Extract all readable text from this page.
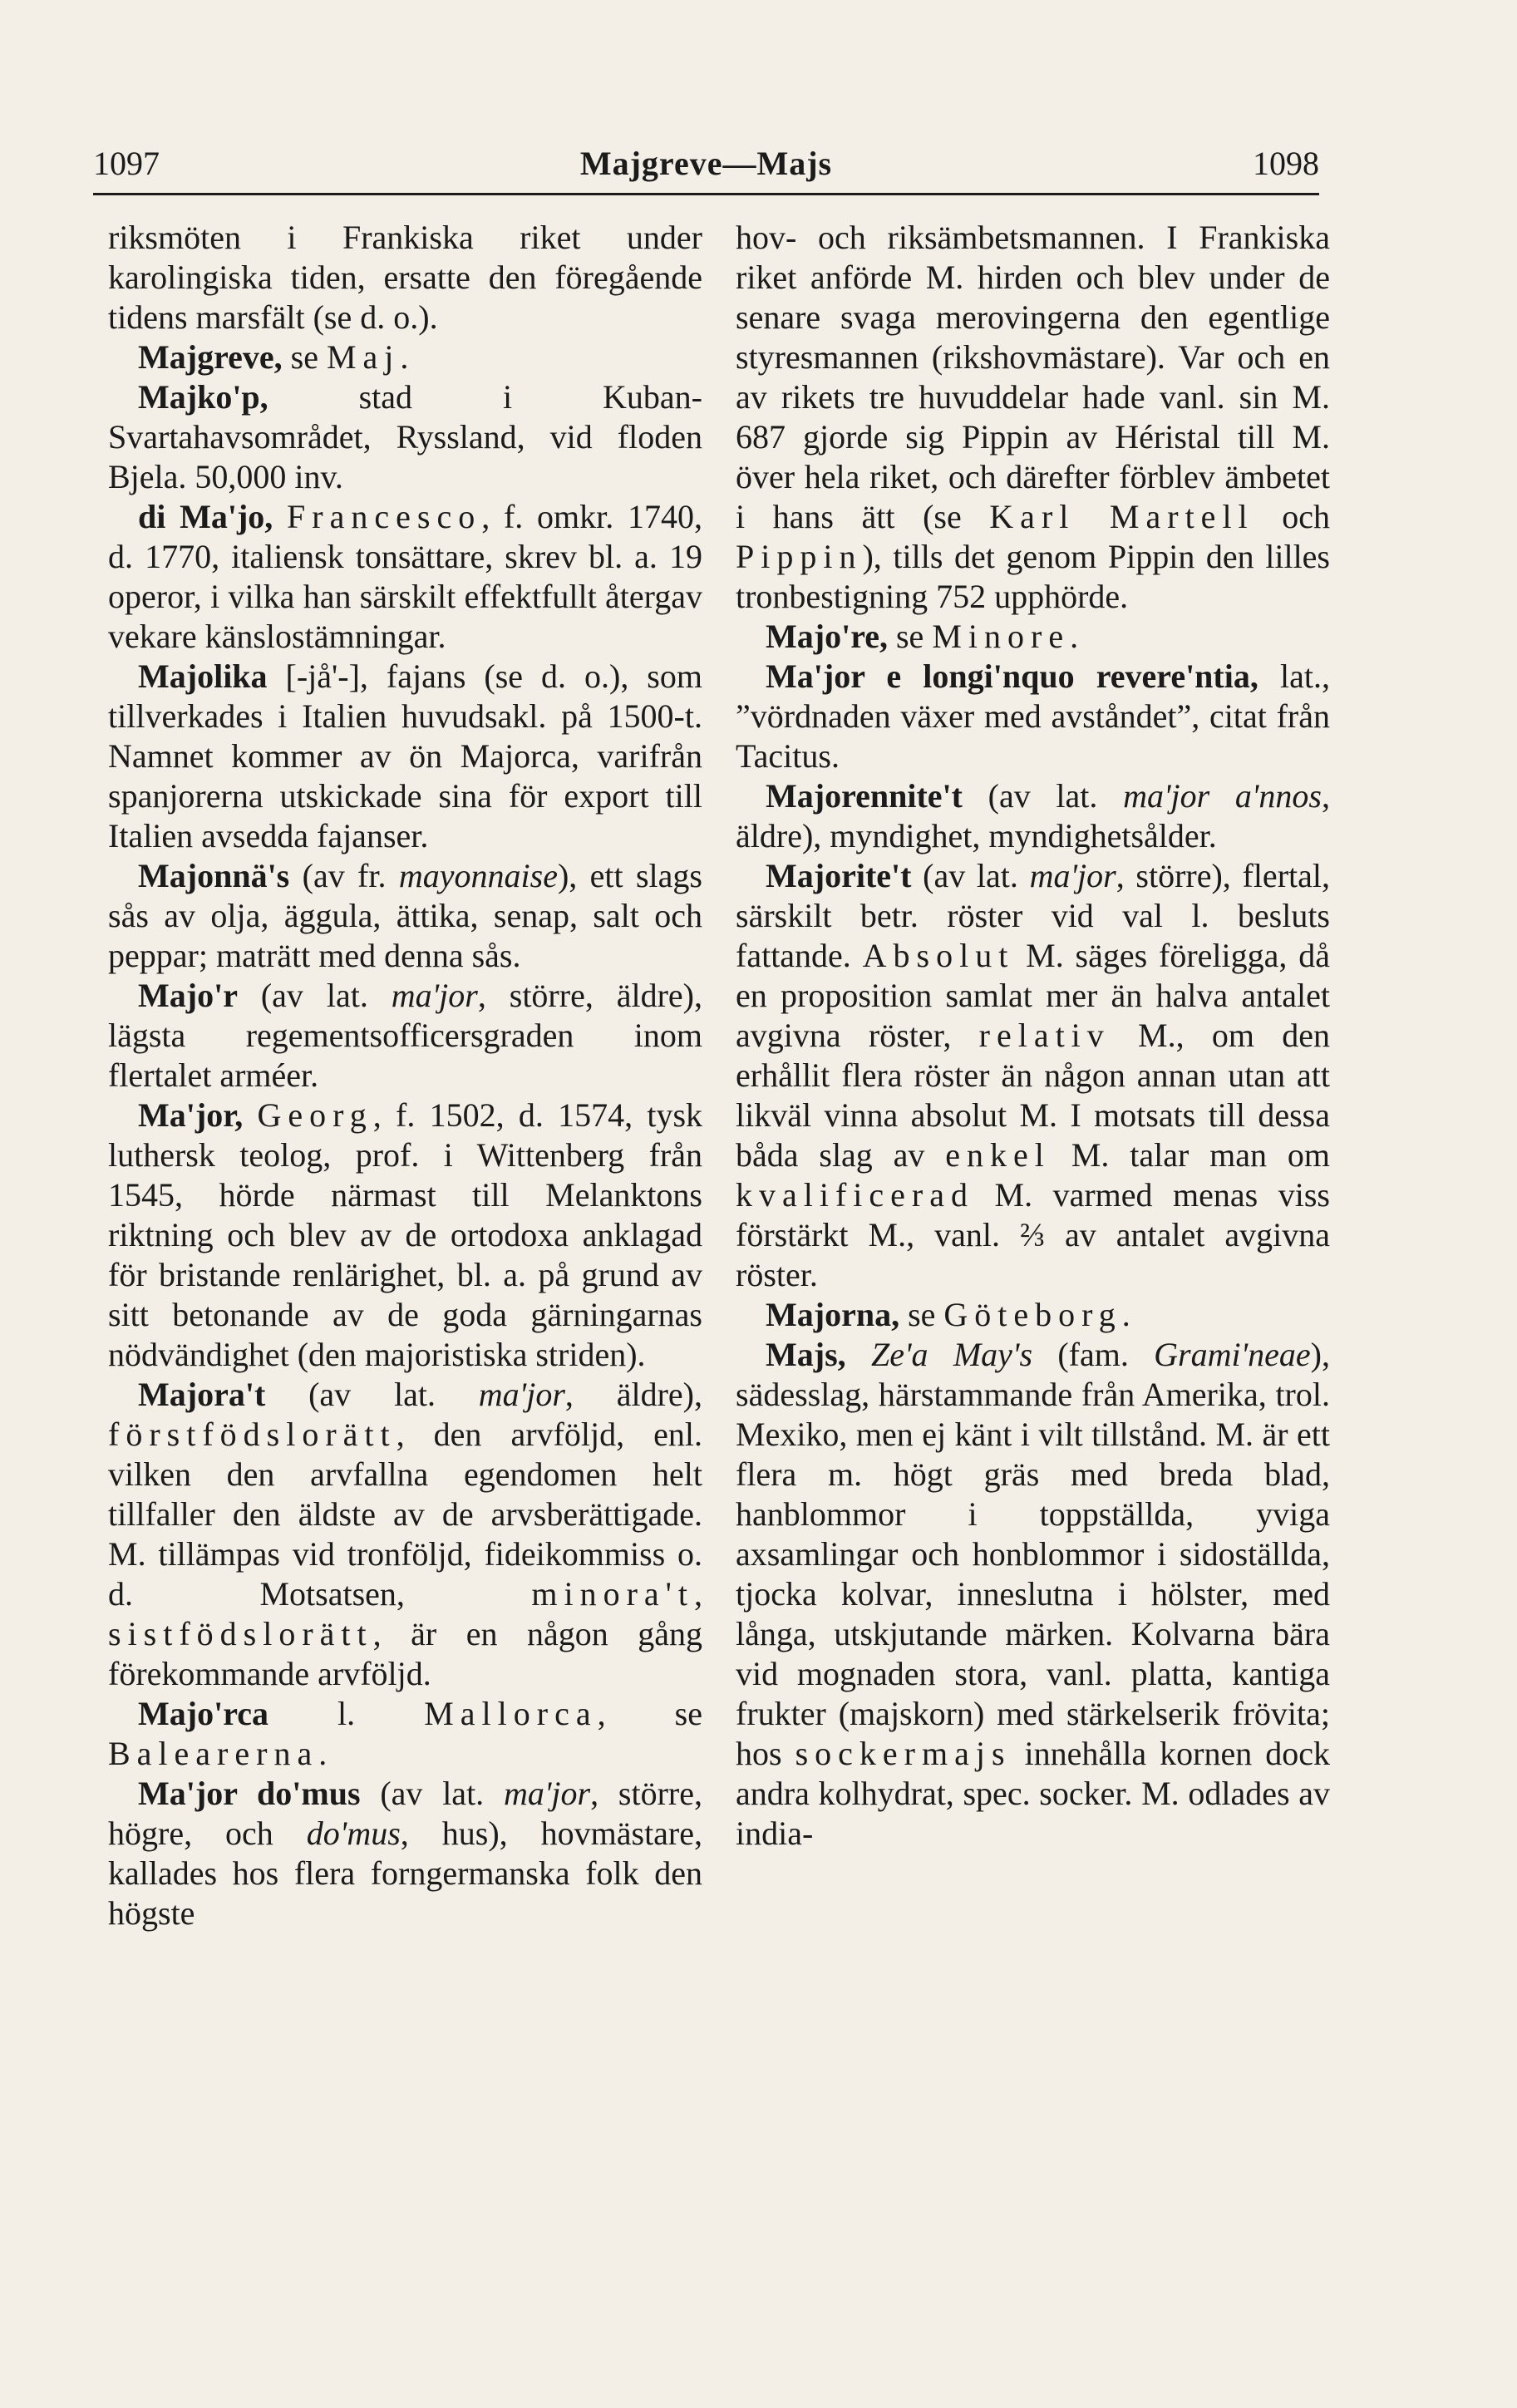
1097	Majgreve—Majs	1098

riksmöten i Frankiska riket under karolingiska tiden, ersatte den föregående tidens marsfält (se d. o.).

Majgreve, se Maj.

Majko'p, stad i Kuban-Svartahavsområdet, Ryssland, vid floden Bjela. 50,000 inv.

di Ma'jo, Francesco, f. omkr. 1740, d. 1770, italiensk tonsättare, skrev bl. a. 19 operor, i vilka han särskilt effektfullt återgav vekare känslostämningar.

Majolika [-jå'-], fajans (se d. o.), som tillverkades i Italien huvudsakl. på 1500-t. Namnet kommer av ön Majorca, varifrån spanjorerna utskickade sina för export till Italien avsedda fajanser.

Majonnä's (av fr. mayonnaise), ett slags sås av olja, äggula, ättika, senap, salt och peppar; maträtt med denna sås.

Majo'r (av lat. ma'jor, större, äldre), lägsta regementsofficersgraden inom flertalet arméer.

Ma'jor, Georg, f. 1502, d. 1574, tysk luthersk teolog, prof. i Wittenberg från 1545, hörde närmast till Melanktons riktning och blev av de ortodoxa anklagad för bristande renlärighet, bl. a. på grund av sitt betonande av de goda gärningarnas nödvändighet (den majoristiska striden).

Majora't (av lat. ma'jor, äldre), förstfödslorätt, den arvföljd, enl. vilken den arvfallna egendomen helt tillfaller den äldste av de arvsberättigade. M. tillämpas vid tronföljd, fideikommiss o. d. Motsatsen, minora't, sistfödslorätt, är en någon gång förekommande arvföljd.

Majo'rca l. Mallorca, se Balearerna.

Ma'jor do'mus (av lat. ma'jor, större, högre, och do'mus, hus), hovmästare, kallades hos flera forngermanska folk den högste

hov- och riksämbetsmannen. I Frankiska riket anförde M. hirden och blev under de senare svaga merovingerna den egentlige styresmannen (rikshovmästare). Var och en av rikets tre huvuddelar hade vanl. sin M. 687 gjorde sig Pippin av Héristal till M. över hela riket, och därefter förblev ämbetet i hans ätt (se Karl Martell och Pippin), tills det genom Pippin den lilles tronbestigning 752 upphörde.

Majo're, se Minore.

Ma'jor e longi'nquo revere'ntia, lat., ”vördnaden växer med avståndet”, citat från Tacitus.

Majorennite't (av lat. ma'jor a'nnos, äldre), myndighet, myndighetsålder.

Majorite't (av lat. ma'jor, större), flertal, särskilt betr. röster vid val l. besluts fattande. Absolut M. säges föreligga, då en proposition samlat mer än halva antalet avgivna röster, relativ M., om den erhållit flera röster än någon annan utan att likväl vinna absolut M. I motsats till dessa båda slag av enkel M. talar man om kvalificerad M. varmed menas viss förstärkt M., vanl. ⅔ av antalet avgivna röster.

Majorna, se Göteborg.

Majs, Ze'a May's (fam. Grami'neae), sädesslag, härstammande från Amerika, trol. Mexiko, men ej känt i vilt tillstånd. M. är ett flera m. högt gräs med breda blad, hanblommor i toppställda, yviga axsamlingar och honblommor i sidoställda, tjocka kolvar, inneslutna i hölster, med långa, utskjutande märken. Kolvarna bära vid mognaden stora, vanl. platta, kantiga frukter (majskorn) med stärkelserik frövita; hos sockermajs innehålla kornen dock andra kolhydrat, spec. socker. M. odlades av india-
